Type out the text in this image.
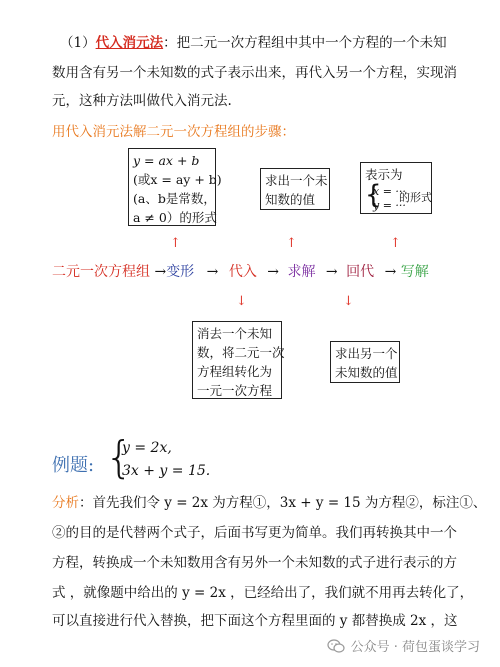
（1）代入消元法：把二元一次方程组中其中一个方程的一个未知
数用含有另一个未知数的式子表示出来，再代入另一个方程，实现消
元，这种方法叫做代入消元法.
用代入消元法解二元一次方程组的步骤：
y = ax + b
(或x = ay + b)
(a、b是常数，
a ≠ 0）的形式
求出一个未
知数的值
表示为
{
x = ···
的形式
y = ···
↑	↑	↑
二元一次方程组 →变形 → 代入 → 求解 → 回代 → 写解
↓	↓
消去一个未知
数，将二元一次
方程组转化为
一元一次方程
求出另一个
未知数的值
例题: {
y = 2x,
3x + y = 15.
分析：首先我们令 y = 2x 为方程①，3x + y = 15 为方程②，标注①、
②的目的是代替两个式子，后面书写更为简单。我们再转换其中一个
方程，转换成一个未知数用含有另外一个未知数的式子进行表示的方
式 ，就像题中给出的 y = 2x ，已经给出了，我们就不用再去转化了，
可以直接进行代入替换，把下面这个方程里面的 y 都替换成 2x ，这
公众号 · 荷包蛋谈学习
